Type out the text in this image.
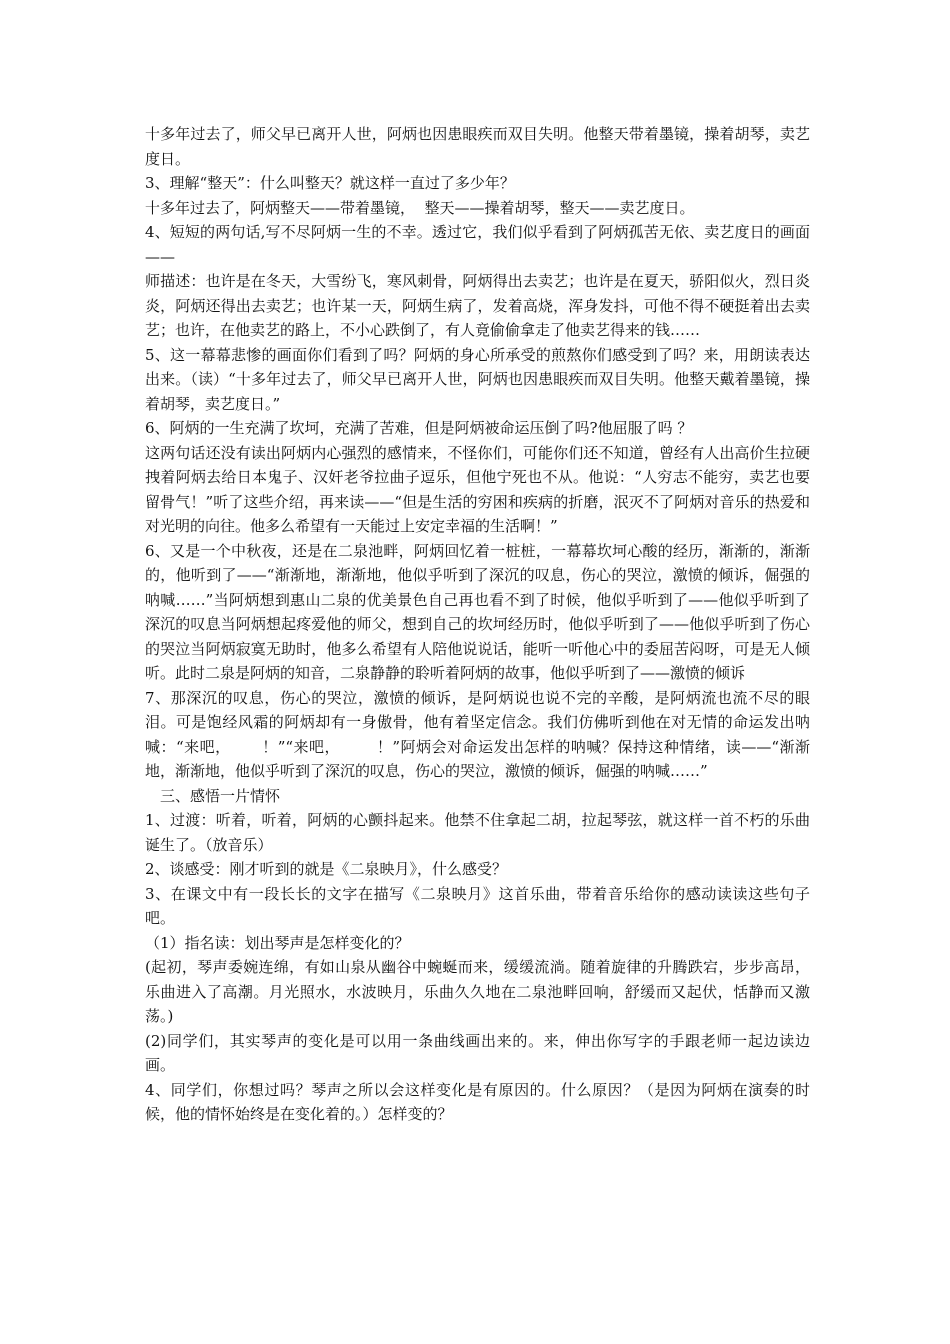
十多年过去了，师父早已离开人世，阿炳也因患眼疾而双目失明。他整天带着墨镜，操着胡琴，卖艺度日。

3、理解“整天”：什么叫整天？就这样一直过了多少年？

十多年过去了，阿炳整天——带着墨镜，  整天——操着胡琴，整天——卖艺度日。

4、短短的两句话,写不尽阿炳一生的不幸。透过它，我们似乎看到了阿炳孤苦无依、卖艺度日的画面——

师描述：也许是在冬天，大雪纷飞，寒风刺骨，阿炳得出去卖艺；也许是在夏天，骄阳似火，烈日炎炎，阿炳还得出去卖艺；也许某一天，阿炳生病了，发着高烧，浑身发抖，可他不得不硬挺着出去卖艺；也许，在他卖艺的路上，不小心跌倒了，有人竟偷偷拿走了他卖艺得来的钱……

5、这一幕幕悲惨的画面你们看到了吗？阿炳的身心所承受的煎熬你们感受到了吗？来，用朗读表达出来。（读）“十多年过去了，师父早已离开人世，阿炳也因患眼疾而双目失明。他整天戴着墨镜，操着胡琴，卖艺度日。”

6、阿炳的一生充满了坎坷，充满了苦难，但是阿炳被命运压倒了吗?他屈服了吗 ？

这两句话还没有读出阿炳内心强烈的感情来，不怪你们，可能你们还不知道，曾经有人出高价生拉硬拽着阿炳去给日本鬼子、汉奸老爷拉曲子逗乐，但他宁死也不从。他说：“人穷志不能穷，卖艺也要留骨气！”听了这些介绍，再来读——“但是生活的穷困和疾病的折磨，泯灭不了阿炳对音乐的热爱和对光明的向往。他多么希望有一天能过上安定幸福的生活啊！”

6、又是一个中秋夜，还是在二泉池畔，阿炳回忆着一桩桩，一幕幕坎坷心酸的经历，渐渐的，渐渐的，他听到了——“渐渐地，渐渐地，他似乎听到了深沉的叹息，伤心的哭泣，激愤的倾诉，倔强的呐喊……”当阿炳想到惠山二泉的优美景色自己再也看不到了时候，他似乎听到了——他似乎听到了深沉的叹息当阿炳想起疼爱他的师父，想到自己的坎坷经历时，他似乎听到了——他似乎听到了伤心的哭泣当阿炳寂寞无助时，他多么希望有人陪他说说话，能听一听他心中的委屈苦闷呀，可是无人倾听。此时二泉是阿炳的知音，二泉静静的聆听着阿炳的故事，他似乎听到了——激愤的倾诉

7、那深沉的叹息，伤心的哭泣，激愤的倾诉，是阿炳说也说不完的辛酸，是阿炳流也流不尽的眼泪。可是饱经风霜的阿炳却有一身傲骨，他有着坚定信念。我们仿佛听到他在对无情的命运发出呐喊：“来吧，      ！”“来吧，       ！”阿炳会对命运发出怎样的呐喊？保持这种情绪，读——“渐渐地，渐渐地，他似乎听到了深沉的叹息，伤心的哭泣，激愤的倾诉，倔强的呐喊……”

三、感悟一片情怀

1、过渡：听着，听着，阿炳的心颤抖起来。他禁不住拿起二胡，拉起琴弦，就这样一首不朽的乐曲诞生了。（放音乐）

2、谈感受：刚才听到的就是《二泉映月》，什么感受？

3、在课文中有一段长长的文字在描写《二泉映月》这首乐曲，带着音乐给你的感动读读这些句子吧。

（1）指名读：划出琴声是怎样变化的？

(起初，琴声委婉连绵，有如山泉从幽谷中蜿蜒而来，缓缓流淌。随着旋律的升腾跌宕，步步高昂，乐曲进入了高潮。月光照水，水波映月，乐曲久久地在二泉池畔回响，舒缓而又起伏，恬静而又激荡。)

(2)同学们，其实琴声的变化是可以用一条曲线画出来的。来，伸出你写字的手跟老师一起边读边画。

4、同学们，你想过吗？琴声之所以会这样变化是有原因的。什么原因？（是因为阿炳在演奏的时候，他的情怀始终是在变化着的。）怎样变的？
